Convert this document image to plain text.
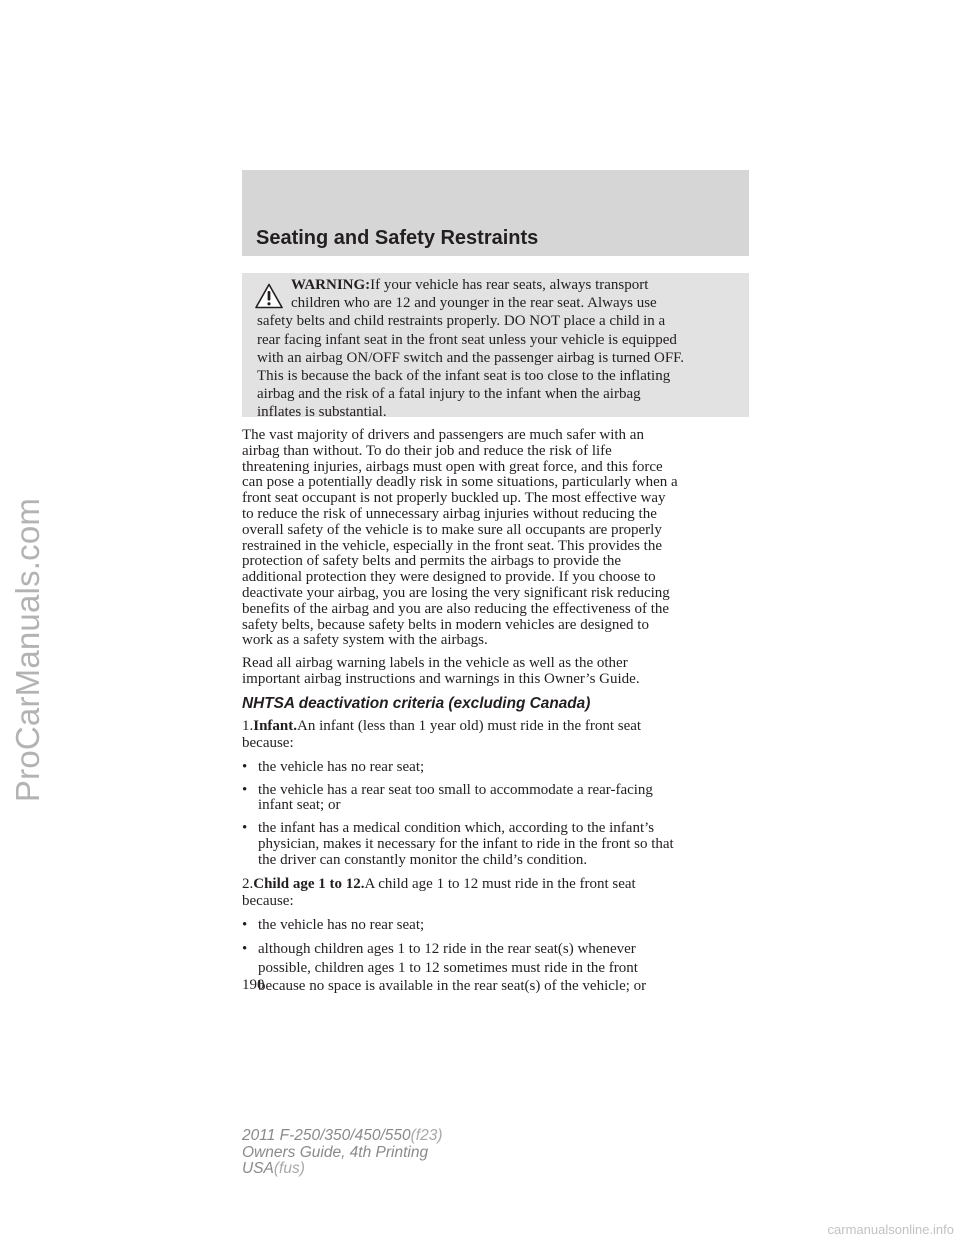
ProCarManuals.com
Seating and Safety Restraints
WARNING:If your vehicle has rear seats, always transport
children who are 12 and younger in the rear seat. Always use
safety belts and child restraints properly. DO NOT place a child in a
rear facing infant seat in the front seat unless your vehicle is equipped
with an airbag ON/OFF switch and the passenger airbag is turned OFF.
This is because the back of the infant seat is too close to the inflating
airbag and the risk of a fatal injury to the infant when the airbag
inflates is substantial.

The vast majority of drivers and passengers are much safer with an
airbag than without. To do their job and reduce the risk of life
threatening injuries, airbags must open with great force, and this force
can pose a potentially deadly risk in some situations, particularly when a
front seat occupant is not properly buckled up. The most effective way
to reduce the risk of unnecessary airbag injuries without reducing the
overall safety of the vehicle is to make sure all occupants are properly
restrained in the vehicle, especially in the front seat. This provides the
protection of safety belts and permits the airbags to provide the
additional protection they were designed to provide. If you choose to
deactivate your airbag, you are losing the very significant risk reducing
benefits of the airbag and you are also reducing the effectiveness of the
safety belts, because safety belts in modern vehicles are designed to
work as a safety system with the airbags.

Read all airbag warning labels in the vehicle as well as the other
important airbag instructions and warnings in this Owner’s Guide.

NHTSA deactivation criteria (excluding Canada)

1.Infant.An infant (less than 1 year old) must ride in the front seat
because:

• the vehicle has no rear seat;
• the vehicle has a rear seat too small to accommodate a rear-facing
infant seat; or
• the infant has a medical condition which, according to the infant’s
physician, makes it necessary for the infant to ride in the front so that
the driver can constantly monitor the child’s condition.

2.Child age 1 to 12.A child age 1 to 12 must ride in the front seat
because:

• the vehicle has no rear seat;
• although children ages 1 to 12 ride in the rear seat(s) whenever
possible, children ages 1 to 12 sometimes must ride in the front
because no space is available in the rear seat(s) of the vehicle; or
190
2011 F-250/350/450/550(f23)
Owners Guide, 4th Printing
USA(fus)
carmanualsonline.info
